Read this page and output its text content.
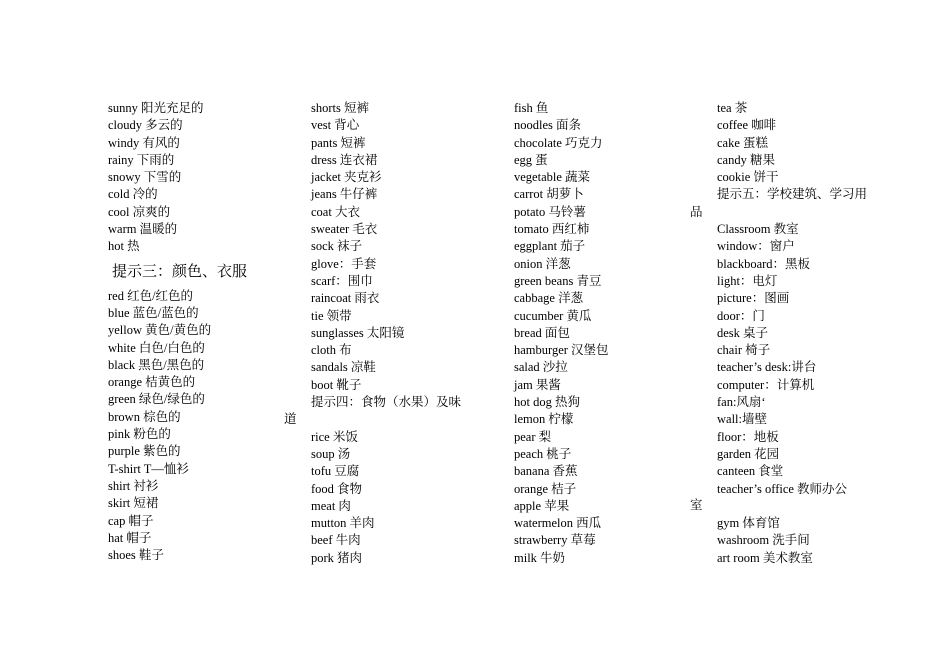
sunny 阳光充足的
cloudy 多云的
windy 有风的
rainy 下雨的
snowy 下雪的
cold 冷的
cool 凉爽的
warm 温暖的
hot 热
提示三：颜色、衣服
red 红色/红色的
blue 蓝色/蓝色的
yellow 黄色/黄色的
white 白色/白色的
black 黑色/黑色的
orange 桔黄色的
green 绿色/绿色的
brown 棕色的
pink 粉色的
purple 紫色的
T-shirt T—恤衫
shirt 衬衫
skirt 短裙
cap 帽子
hat 帽子
shoes 鞋子
shorts 短裤
vest 背心
pants 短裤
dress 连衣裙
jacket 夹克衫
jeans 牛仔裤
coat 大衣
sweater 毛衣
sock 袜子
glove：手套
scarf：围巾
raincoat 雨衣
tie 领带
sunglasses 太阳镜
cloth 布
sandals 凉鞋
boot 靴子
提示四：食物（水果）及味
rice 米饭
soup 汤
tofu 豆腐
food 食物
meat 肉
mutton 羊肉
beef 牛肉
pork 猪肉
fish 鱼
noodles 面条
chocolate 巧克力
egg 蛋
vegetable 蔬菜
carrot 胡萝卜
potato 马铃薯
tomato 西红柿
eggplant 茄子
onion 洋葱
green beans 青豆
cabbage 洋葱
cucumber 黄瓜
bread 面包
hamburger 汉堡包
salad 沙拉
jam 果酱
hot dog 热狗
lemon 柠檬
pear 梨
peach 桃子
banana 香蕉
orange 桔子
apple 苹果
watermelon 西瓜
strawberry 草莓
milk 牛奶
tea 茶
coffee 咖啡
cake 蛋糕
candy 糖果
cookie 饼干
提示五：学校建筑、学习用
Classroom 教室
window：窗户
blackboard：黑板
light：电灯
picture：图画
door：门
desk 桌子
chair 椅子
teacher’s desk:讲台
computer：计算机
fan:风扇‘
wall:墙壁
floor：地板
garden 花园
canteen 食堂
teacher’s office 教师办公
gym 体育馆
washroom 洗手间
art room 美术教室
道
品
室
